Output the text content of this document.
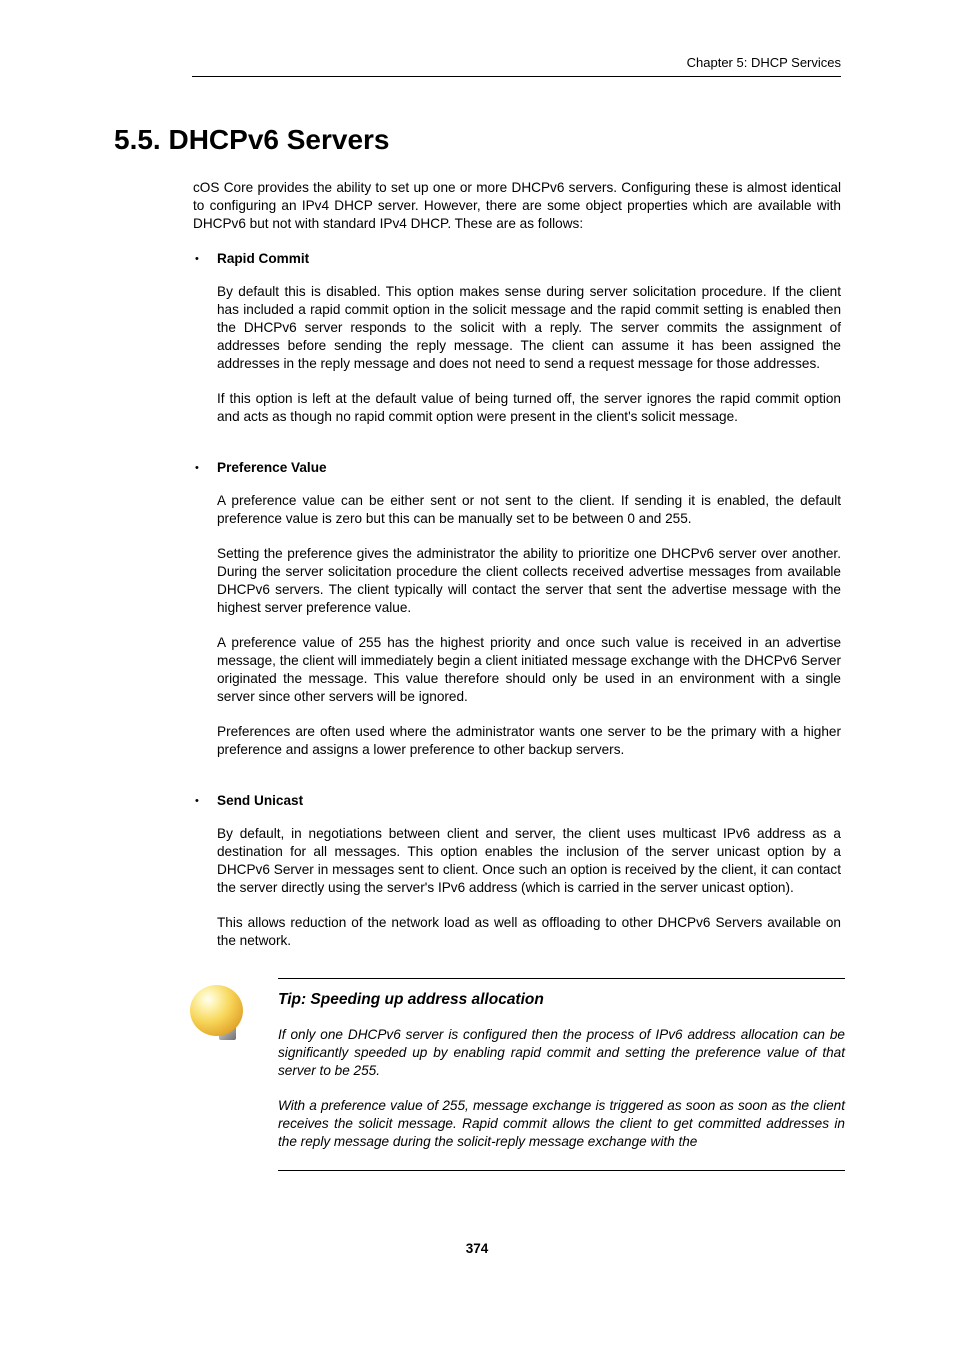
Chapter 5: DHCP Services
5.5. DHCPv6 Servers

cOS Core provides the ability to set up one or more DHCPv6 servers. Configuring these is almost identical to configuring an IPv4 DHCP server. However, there are some object properties which are available with DHCPv6 but not with standard IPv4 DHCP. These are as follows:

•	Rapid Commit

By default this is disabled. This option makes sense during server solicitation procedure. If the client has included a rapid commit option in the solicit message and the rapid commit setting is enabled then the DHCPv6 server responds to the solicit with a reply. The server commits the assignment of addresses before sending the reply message. The client can assume it has been assigned the addresses in the reply message and does not need to send a request message for those addresses.

If this option is left at the default value of being turned off, the server ignores the rapid commit option and acts as though no rapid commit option were present in the client's solicit message.

•	Preference Value

A preference value can be either sent or not sent to the client. If sending it is enabled, the default preference value is zero but this can be manually set to be between 0 and 255.

Setting the preference gives the administrator the ability to prioritize one DHCPv6 server over another. During the server solicitation procedure the client collects received advertise messages from available DHCPv6 servers. The client typically will contact the server that sent the advertise message with the highest server preference value.

A preference value of 255 has the highest priority and once such value is received in an advertise message, the client will immediately begin a client initiated message exchange with the DHCPv6 Server originated the message. This value therefore should only be used in an environment with a single server since other servers will be ignored.

Preferences are often used where the administrator wants one server to be the primary with a higher preference and assigns a lower preference to other backup servers.

•	Send Unicast

By default, in negotiations between client and server, the client uses multicast IPv6 address as a destination for all messages. This option enables the inclusion of the server unicast option by a DHCPv6 Server in messages sent to client. Once such an option is received by the client, it can contact the server directly using the server's IPv6 address (which is carried in the server unicast option).

This allows reduction of the network load as well as offloading to other DHCPv6 Servers available on the network.

Tip: Speeding up address allocation

If only one DHCPv6 server is configured then the process of IPv6 address allocation can be significantly speeded up by enabling rapid commit and setting the preference value of that server to be 255.

With a preference value of 255, message exchange is triggered as soon as soon as the client receives the solicit message. Rapid commit allows the client to get committed addresses in the reply message during the solicit-reply message exchange with the

374
